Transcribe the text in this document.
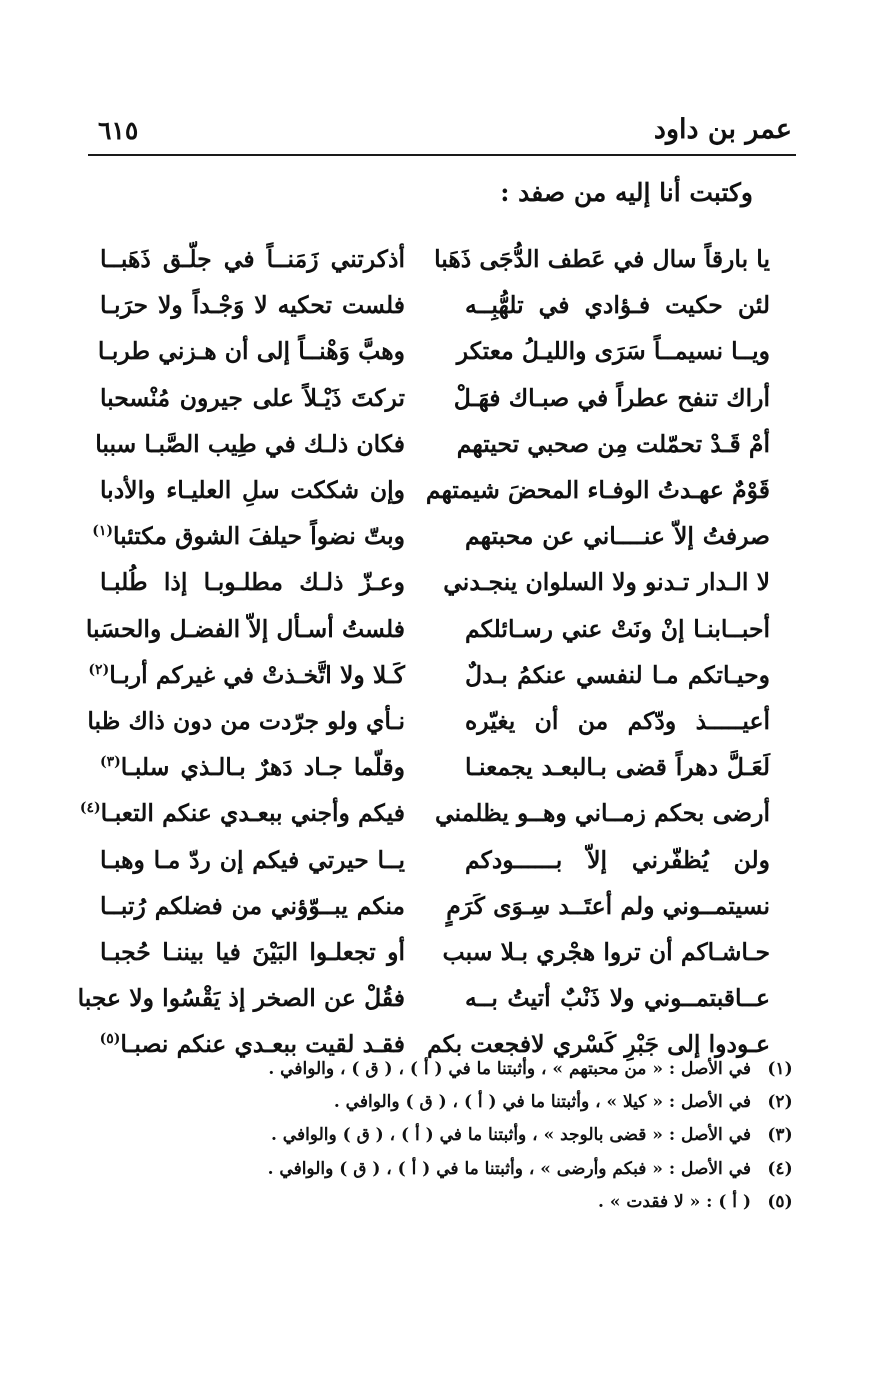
عمر بن داود
٦١٥
وكتبت أنا إليه من صفد :
يا بارقاً سال في عَطف الدُّجَى ذَهَبا
أذكرتني زَمَنــاً في جلّـق ذَهَبــا
لئن حكيت فـؤادي في تلهُّبِــه
فلست تحكيه لا وَجْـداً ولا حرَبـا
ويــا نسيمــاً سَرَى والليـلُ معتكر
وهبَّ وَهْنــاً إلى أن هـزني طربـا
أراك تنفح عطراً في صبـاك فهَـلْ
تركتَ ذَيْـلاً على جيرون مُنْسحبا
أمْ قَـدْ تحمّلت مِن صحبي تحيتهم
فكان ذلـك في طِيب الصَّبـا سببا
قَوْمٌ عهـدتُ الوفـاء المحضَ شيمتهم
وإن شككت سلِ العليـاء والأدبا
صرفتُ إلاّ عنــــاني عن محبتهم
وبتّ نضواً حيلفَ الشوق مكتئبا$^{(١)}$
لا الـدار تـدنو ولا السلوان ينجـدني
وعـزّ ذلـك مطلـوبـا إذا طُلبـا
أحبــابنـا إنْ ونَتْ عني رسـائلكم
فلستُ أسـأل إلاّ الفضـل والحسَبا
وحيـاتكم مـا لنفسي عنكمُ بـدلٌ
كَـلا ولا اتَّخـذتْ في غيركم أربـا$^{(٢)}$
أعيـــــذ ودّكم من أن يغيّره
نـأي ولو جرّدت من دون ذاك ظبا
لَعَـلَّ دهراً قضى بـالبعـد يجمعنـا
وقلّما جـاد دَهرٌ بـالـذي سلبـا$^{(٣)}$
أرضى بحكم زمــاني وهــو يظلمني
فيكم وأجني ببعـدي عنكم التعبـا$^{(٤)}$
ولن يُظفّرني إلاّ بــــــودكم
يــا حيرتي فيكم إن ردّ مـا وهبـا
نسيتمــوني ولم أعتَــد سِـوَى كَرَمٍ
منكم يبــوّؤني من فضلكم رُتبــا
حـاشـاكم أن تروا هجْري بـلا سبب
أو تجعلـوا البَيْنَ فيا بيننـا حُجبـا
عــاقبتمــوني ولا ذَنْبٌ أتيتُ بــه
فقُلْ عن الصخر إذ يَقْسُوا ولا عجبا
عـودوا إلى جَبْرِ كَسْري لافجعت بكم
فقـد لقيت ببعـدي عنكم نصبـا$^{(٥)}$
(١)
في الأصل : « من محبتهم » ، وأثبتنا ما في ( أ ) ، ( ق ) ، والوافي .
(٢)
في الأصل : « كيلا » ، وأثبتنا ما في ( أ ) ، ( ق ) والوافي .
(٣)
في الأصل : « قضى بالوجد » ، وأثبتنا ما في ( أ ) ، ( ق ) والوافي .
(٤)
في الأصل : « فبكم وأرضى » ، وأثبتنا ما في ( أ ) ، ( ق ) والوافي .
(٥)
( أ ) : « لا فقدت » .
